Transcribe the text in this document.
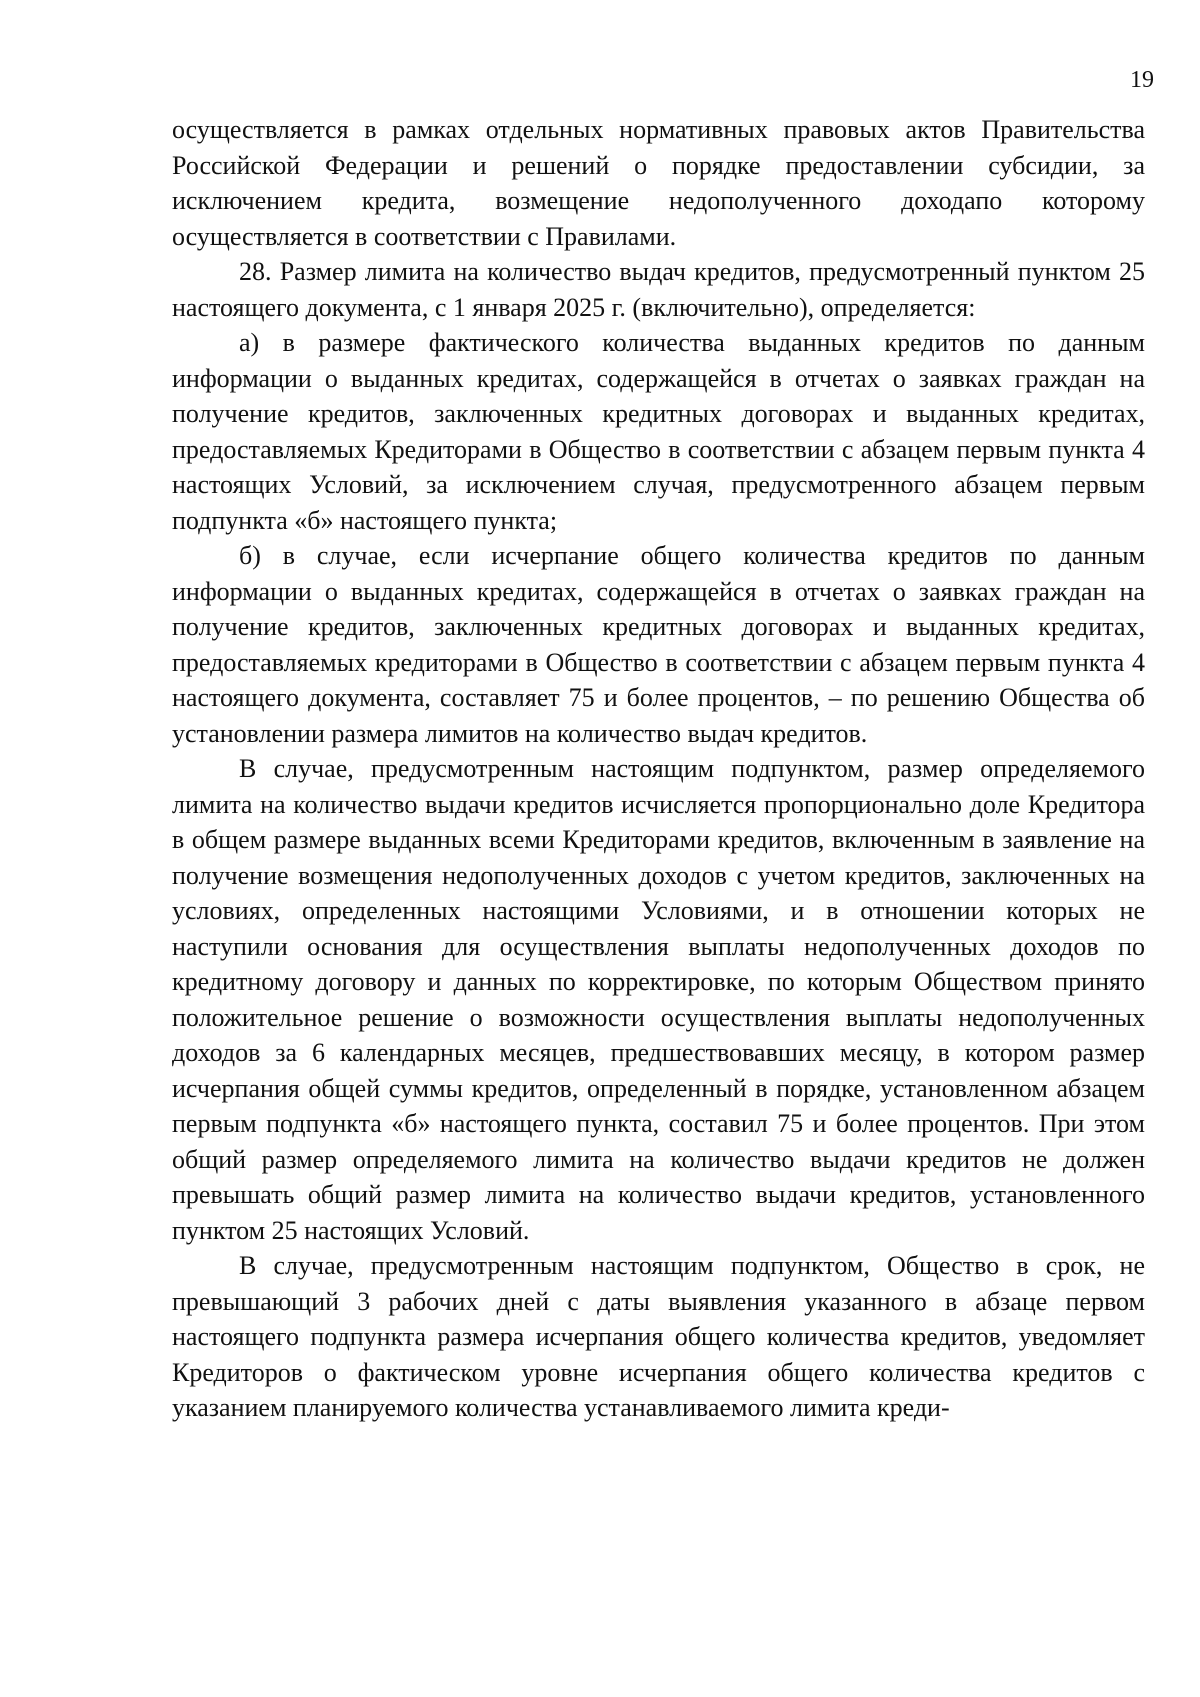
19

осуществляется в рамках отдельных нормативных правовых актов Правительства Российской Федерации и решений о порядке предоставлении субсидии, за исключением кредита, возмещение недополученного доходапо которому осуществляется в соответствии с Правилами.

28. Размер лимита на количество выдач кредитов, предусмотренный пунктом 25 настоящего документа, с 1 января 2025 г. (включительно), определяется:

а) в размере фактического количества выданных кредитов по данным информации о выданных кредитах, содержащейся в отчетах о заявках граждан на получение кредитов, заключенных кредитных договорах и выданных кредитах, предоставляемых Кредиторами в Общество в соответствии с абзацем первым пункта 4 настоящих Условий, за исключением случая, предусмотренного абзацем первым подпункта «б» настоящего пункта;

б) в случае, если исчерпание общего количества кредитов по данным информации о выданных кредитах, содержащейся в отчетах о заявках граждан на получение кредитов, заключенных кредитных договорах и выданных кредитах, предоставляемых кредиторами в Общество в соответствии с абзацем первым пункта 4 настоящего документа, составляет 75 и более процентов, – по решению Общества об установлении размера лимитов на количество выдач кредитов.

В случае, предусмотренным настоящим подпунктом, размер определяемого лимита на количество выдачи кредитов исчисляется пропорционально доле Кредитора в общем размере выданных всеми Кредиторами кредитов, включенным в заявление на получение возмещения недополученных доходов с учетом кредитов, заключенных на условиях, определенных настоящими Условиями, и в отношении которых не наступили основания для осуществления выплаты недополученных доходов по кредитному договору и данных по корректировке, по которым Обществом принято положительное решение о возможности осуществления выплаты недополученных доходов за 6 календарных месяцев, предшествовавших месяцу, в котором размер исчерпания общей суммы кредитов, определенный в порядке, установленном абзацем первым подпункта «б» настоящего пункта, составил 75 и более процентов. При этом общий размер определяемого лимита на количество выдачи кредитов не должен превышать общий размер лимита на количество выдачи кредитов, установленного пунктом 25 настоящих Условий.

В случае, предусмотренным настоящим подпунктом, Общество в срок, не превышающий 3 рабочих дней с даты выявления указанного в абзаце первом настоящего подпункта размера исчерпания общего количества кредитов, уведомляет Кредиторов о фактическом уровне исчерпания общего количества кредитов с указанием планируемого количества устанавливаемого лимита креди-
